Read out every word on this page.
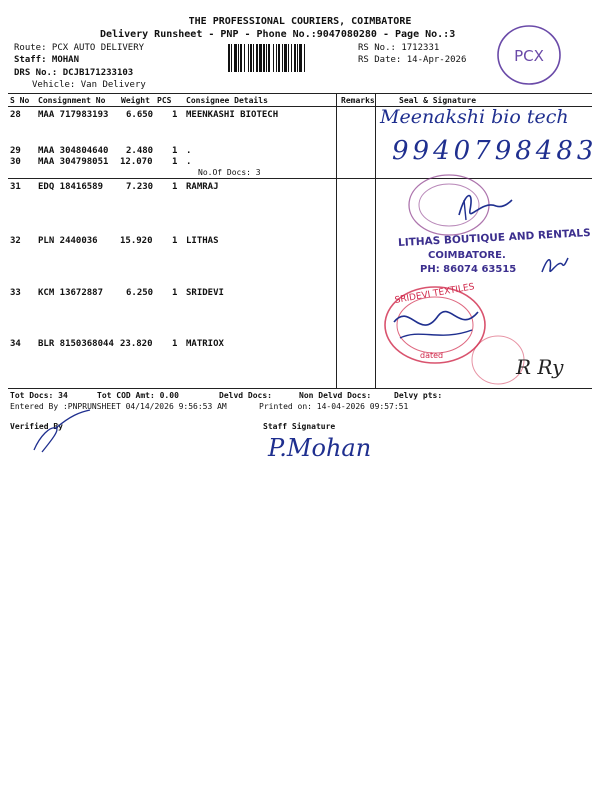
THE PROFESSIONAL COURIERS, COIMBATORE
Delivery Runsheet - PNP - Phone No.:9047080280 - Page No.:3
Route: PCX AUTO DELIVERY
Staff: MOHAN
DRS No.: DCJB171233103
Vehicle: Van Delivery
RS No.: 1712331
RS Date: 14-Apr-2026	PCX
S No Consignment No Weight PCS Consignee Details	Remarks	Seal & Signature
28 MAA 717983193 6.650 1 MEENKASHI BIOTECH
29 MAA 304804640 2.480 1 .
30 MAA 304798051 12.070 1 .
No.Of Docs: 3
31 EDQ 18416589	7.230 1 RAMRAJ
32 PLN 2440036 15.920 1 LITHAS
33 KCM 13672887	6.250 1 SRIDEVI
34 BLR 8150368044 23.820 1 MATRIOX
Meenakshi bio tech
9940798483
LITHAS BOUTIQUE AND RENTALS
COIMBATORE.
PH: 86074 63515
SRIDEVI TEXTILES
dated	R Ry
Tot Docs: 34	Tot COD Amt: 0.00	Delvd Docs:	Non Delvd Docs:	Delvy pts:
Entered By :PNPRUNSHEET 04/14/2026 9:56:53 AM	Printed on: 14-04-2026 09:57:51
Verified By	Staff Signature
P.Mohan
